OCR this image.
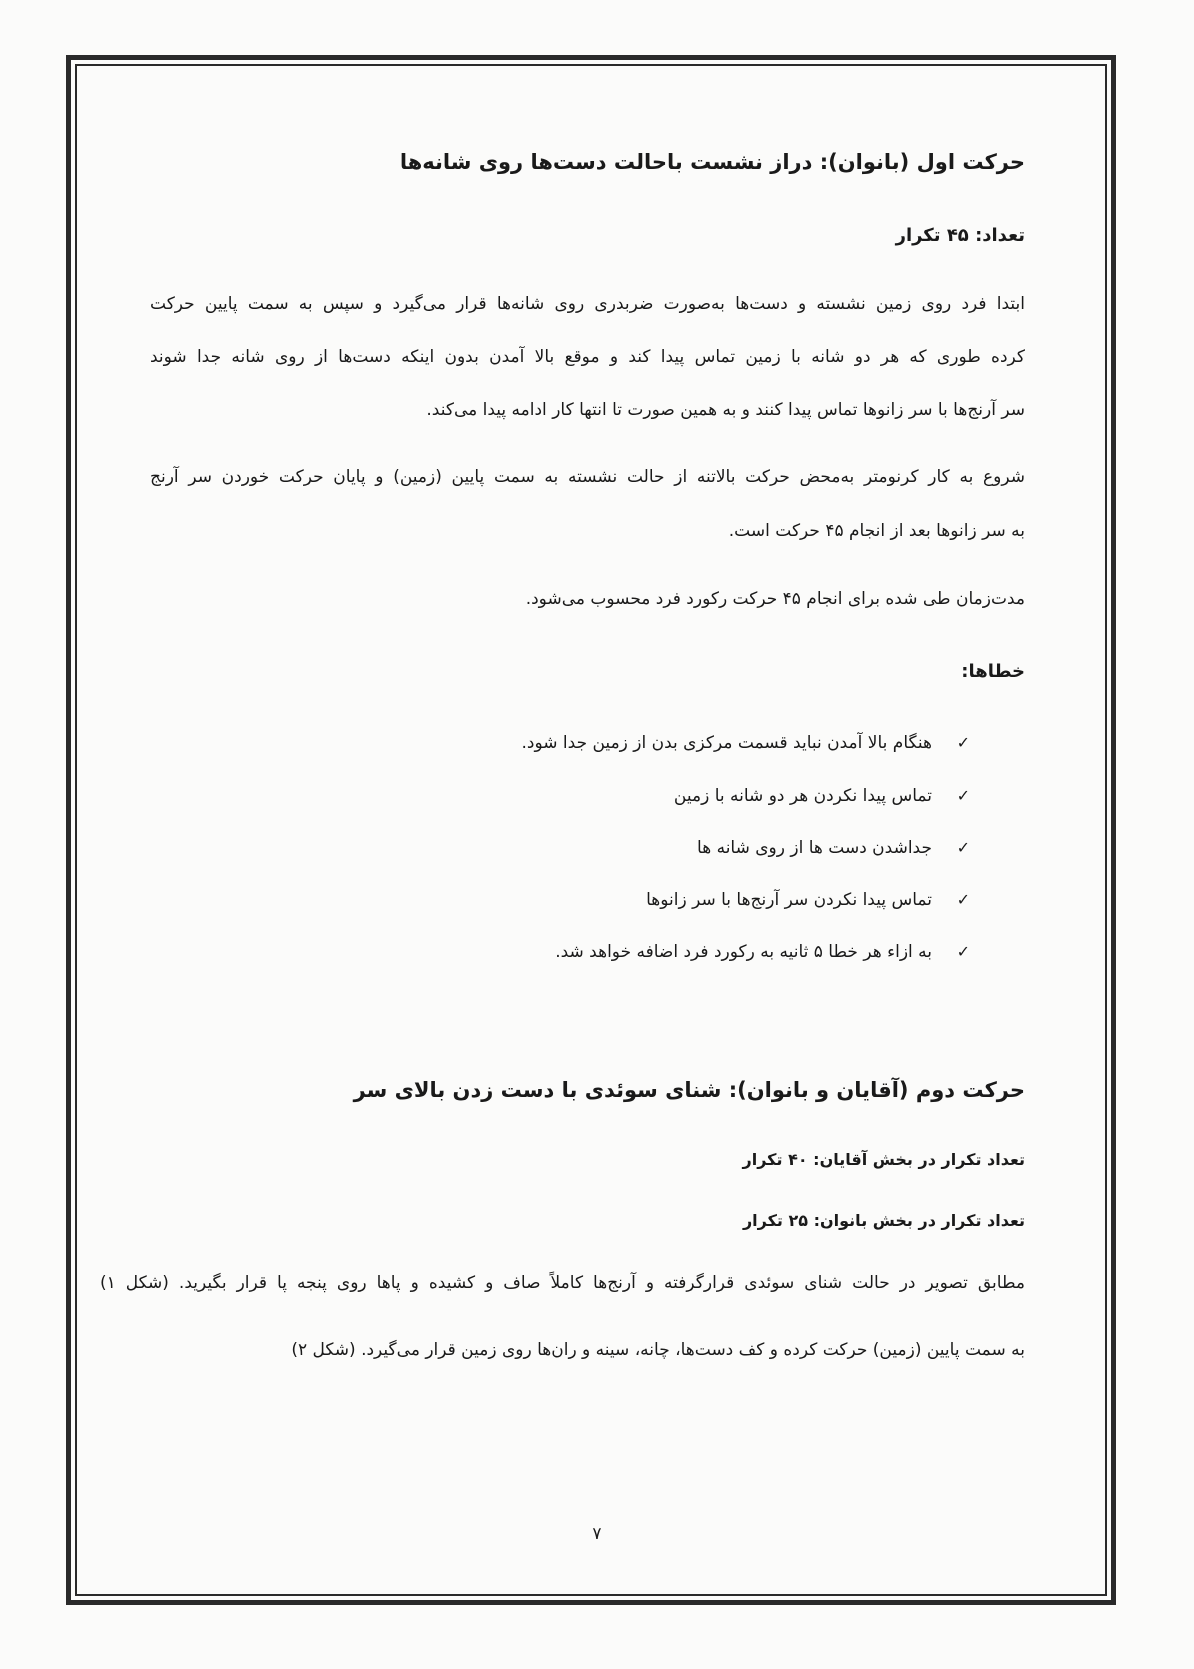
حرکت اول (بانوان): دراز نشست باحالت دست‌ها روی شانه‌ها
تعداد: ۴۵ تکرار
ابتدا فرد روی زمین نشسته و دست‌ها به‌صورت ضربدری روی شانه‌ها قرار می‌گیرد و سپس به سمت پایین حرکت
کرده طوری که هر دو شانه با زمین تماس پیدا کند و موقع بالا آمدن بدون اینکه دست‌ها از روی شانه جدا شوند
سر آرنج‌ها با سر زانوها تماس پیدا کنند و به همین صورت تا انتها کار ادامه پیدا می‌کند.
شروع به کار کرنومتر به‌محض حرکت بالاتنه از حالت نشسته به سمت پایین (زمین) و پایان حرکت خوردن سر آرنج
به سر زانوها بعد از انجام ۴۵ حرکت است.
مدت‌زمان طی شده برای انجام ۴۵ حرکت رکورد فرد محسوب می‌شود.
خطاها:
✓هنگام بالا آمدن نباید قسمت مرکزی بدن از زمین جدا شود.
✓تماس پیدا نکردن هر دو شانه با زمین
✓جداشدن دست ها از روی شانه ها
✓تماس پیدا نکردن سر آرنج‌ها با سر زانوها
✓به ازاء هر خطا ۵ ثانیه به رکورد فرد اضافه خواهد شد.
حرکت دوم (آقایان و بانوان): شنای سوئدی با دست زدن بالای سر
تعداد تکرار در بخش آقایان: ۴۰ تکرار
تعداد تکرار در بخش بانوان: ۲۵ تکرار
مطابق تصویر در حالت شنای سوئدی قرارگرفته و آرنج‌ها کاملاً صاف و کشیده و پاها روی پنجه پا قرار بگیرید. (شکل ۱)
به سمت پایین (زمین) حرکت کرده و کف دست‌ها، چانه، سینه و ران‌ها روی زمین قرار می‌گیرد. (شکل ۲)
۷
